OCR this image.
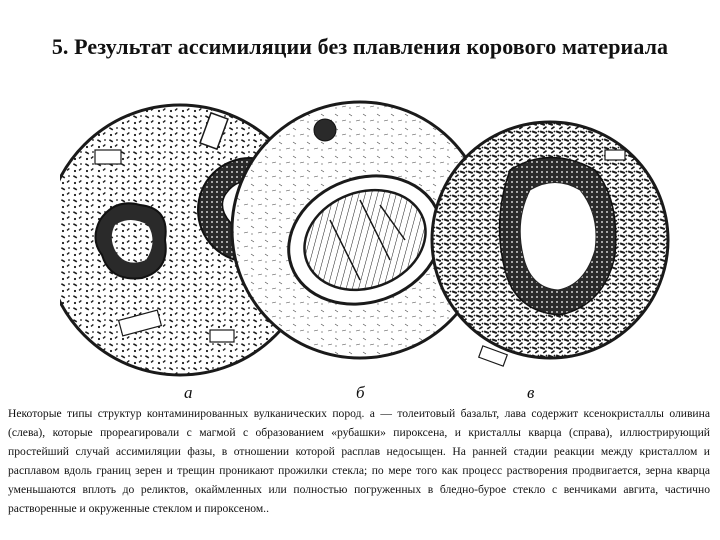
5. Результат ассимиляции без плавления корового материала
а	б	в
Некоторые типы структур контаминированных вулканических пород. а — толеитовый базальт, лава содержит ксенокристаллы оливина (слева), которые прореагировали с магмой с образованием «рубашки» пироксена, и кристаллы кварца (справа), иллюстрирующий простейший случай ассимиляции фазы, в отношении которой расплав недосыщен. На ранней стадии реакции между кристаллом и расплавом вдоль границ зерен и трещин проникают прожилки стекла; по мере того как процесс растворения продвигается, зерна кварца уменьшаются вплоть до реликтов, окаймленных или полностью погруженных в бледно-бурое стекло с венчиками авгита, частично растворенные и окруженные стеклом и пироксеном..
